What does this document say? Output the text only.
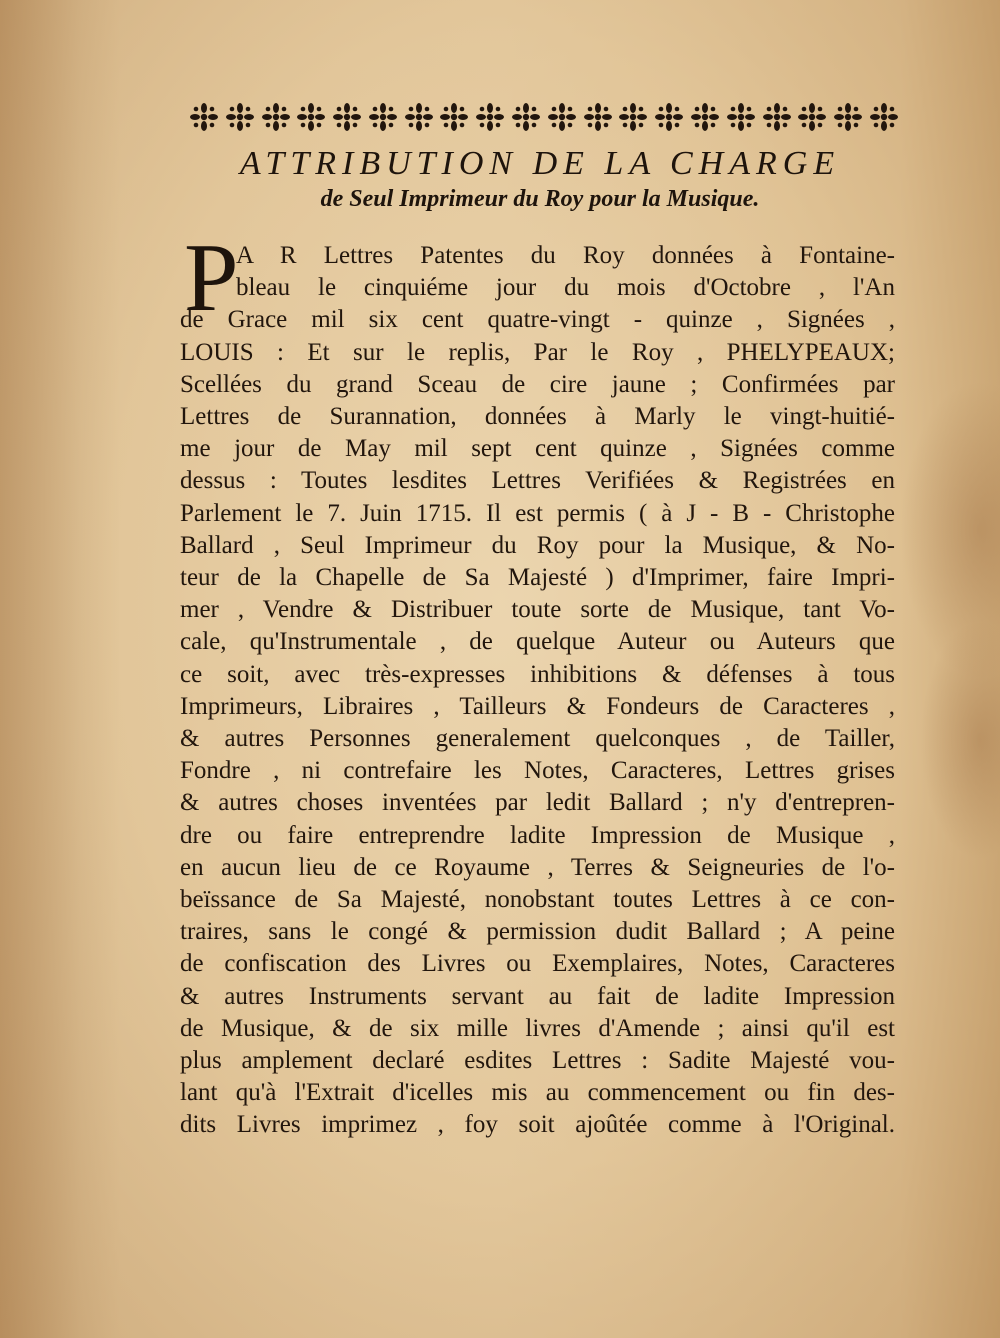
ATTRIBUTION DE LA CHARGE
de Seul Imprimeur du Roy pour la Musique.
P
A R Lettres Patentes du Roy données à Fontaine-
bleau le cinquiéme jour du mois d'Octobre , l'An
de Grace mil six cent quatre-vingt - quinze , Signées ,
LOUIS : Et sur le replis, Par le Roy , PHELYPEAUX;
Scellées du grand Sceau de cire jaune ; Confirmées par
Lettres de Surannation, données à Marly le vingt-huitié-
me jour de May mil sept cent quinze , Signées comme
dessus : Toutes lesdites Lettres Verifiées & Registrées en
Parlement le 7. Juin 1715. Il est permis ( à J - B - Christophe
Ballard , Seul Imprimeur du Roy pour la Musique, & No-
teur de la Chapelle de Sa Majesté ) d'Imprimer, faire Impri-
mer , Vendre & Distribuer toute sorte de Musique, tant Vo-
cale, qu'Instrumentale , de quelque Auteur ou Auteurs que
ce soit, avec très-expresses inhibitions & défenses à tous
Imprimeurs, Libraires , Tailleurs & Fondeurs de Caracteres ,
& autres Personnes generalement quelconques , de Tailler,
Fondre , ni contrefaire les Notes, Caracteres, Lettres grises
& autres choses inventées par ledit Ballard ; n'y d'entrepren-
dre ou faire entreprendre ladite Impression de Musique ,
en aucun lieu de ce Royaume , Terres & Seigneuries de l'o-
beïssance de Sa Majesté, nonobstant toutes Lettres à ce con-
traires, sans le congé & permission dudit Ballard ; A peine
de confiscation des Livres ou Exemplaires, Notes, Caracteres
& autres Instruments servant au fait de ladite Impression
de Musique, & de six mille livres d'Amende ; ainsi qu'il est
plus amplement declaré esdites Lettres : Sadite Majesté vou-
lant qu'à l'Extrait d'icelles mis au commencement ou fin des-
dits Livres imprimez , foy soit ajoûtée comme à l'Original.
